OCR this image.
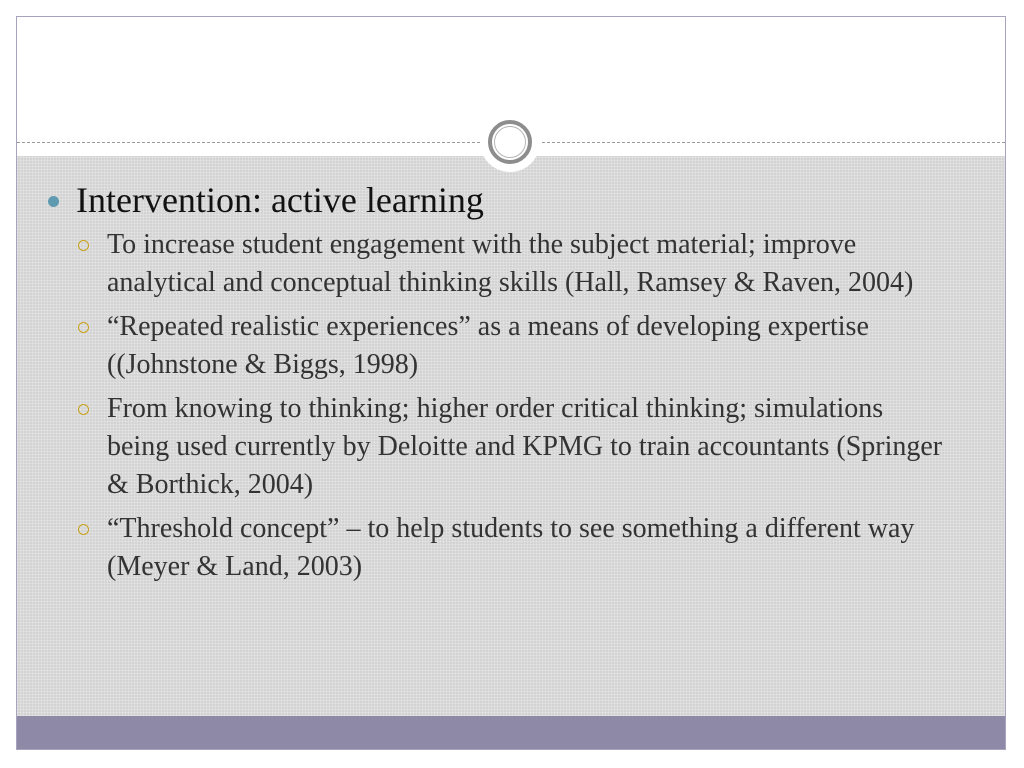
Intervention: active learning
To increase student engagement with the subject material; improve analytical and conceptual thinking skills (Hall, Ramsey & Raven, 2004)
“Repeated realistic experiences” as a means of developing expertise ((Johnstone & Biggs, 1998)
From knowing to thinking; higher order critical thinking; simulations being used currently by Deloitte and KPMG to train accountants (Springer & Borthick, 2004)
“Threshold concept” – to help students to see something a different way (Meyer & Land, 2003)
